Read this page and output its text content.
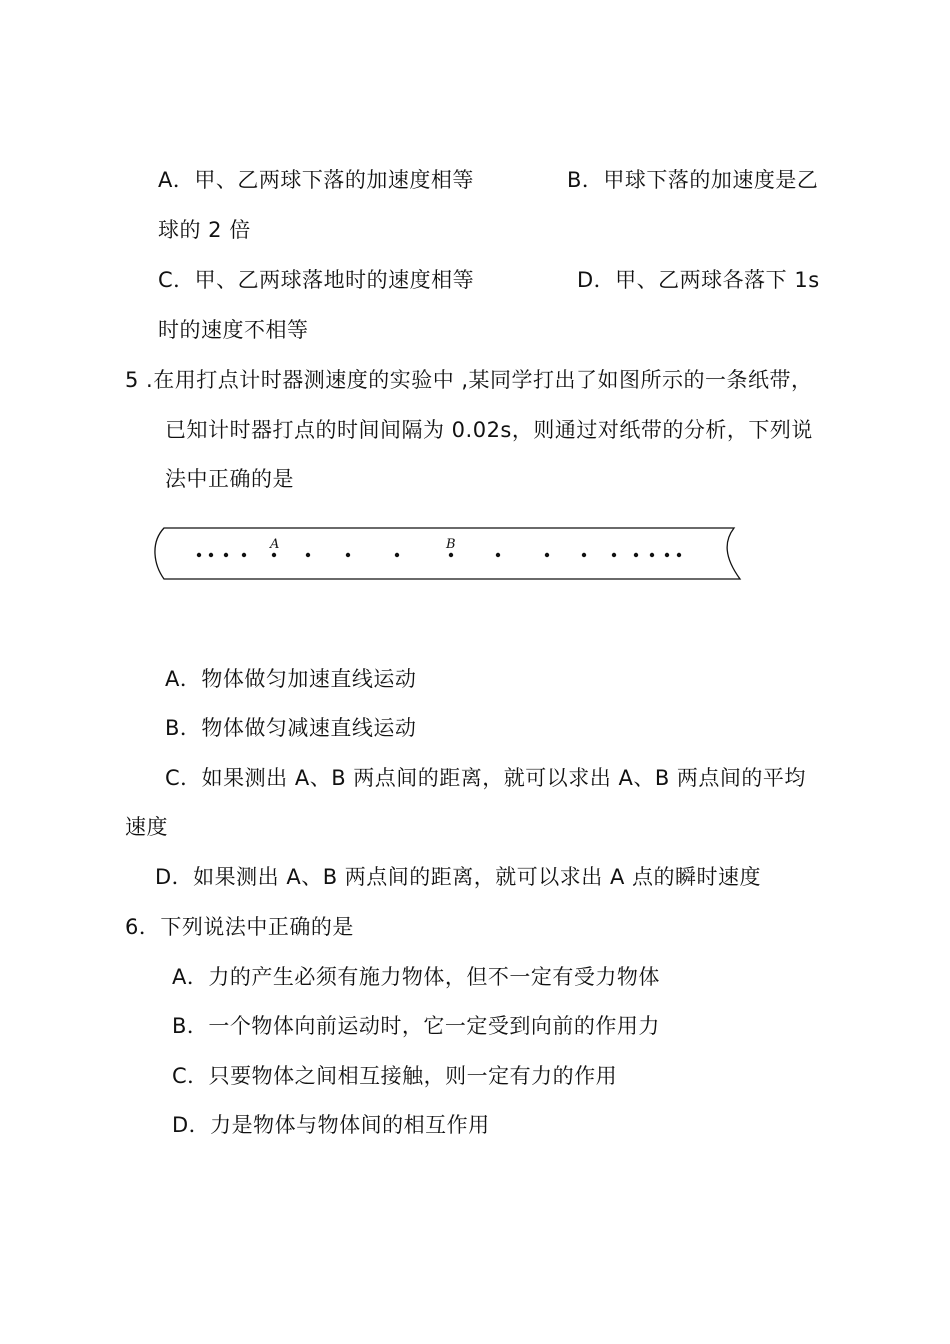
A．甲、乙两球下落的加速度相等	B．甲球下落的加速度是乙
球的 2 倍
C．甲、乙两球落地时的速度相等	D．甲、乙两球各落下 1s
时的速度不相等
5 .在用打点计时器测速度的实验中 ,某同学打出了如图所示的一条纸带，
已知计时器打点的时间间隔为 0.02s，则通过对纸带的分析，下列说
法中正确的是
A	B
A．物体做匀加速直线运动
B．物体做匀减速直线运动
C．如果测出 A、B 两点间的距离，就可以求出 A、B 两点间的平均
速度
D．如果测出 A、B 两点间的距离，就可以求出 A 点的瞬时速度
6．下列说法中正确的是
A．力的产生必须有施力物体，但不一定有受力物体
B．一个物体向前运动时，它一定受到向前的作用力
C．只要物体之间相互接触，则一定有力的作用
D．力是物体与物体间的相互作用
